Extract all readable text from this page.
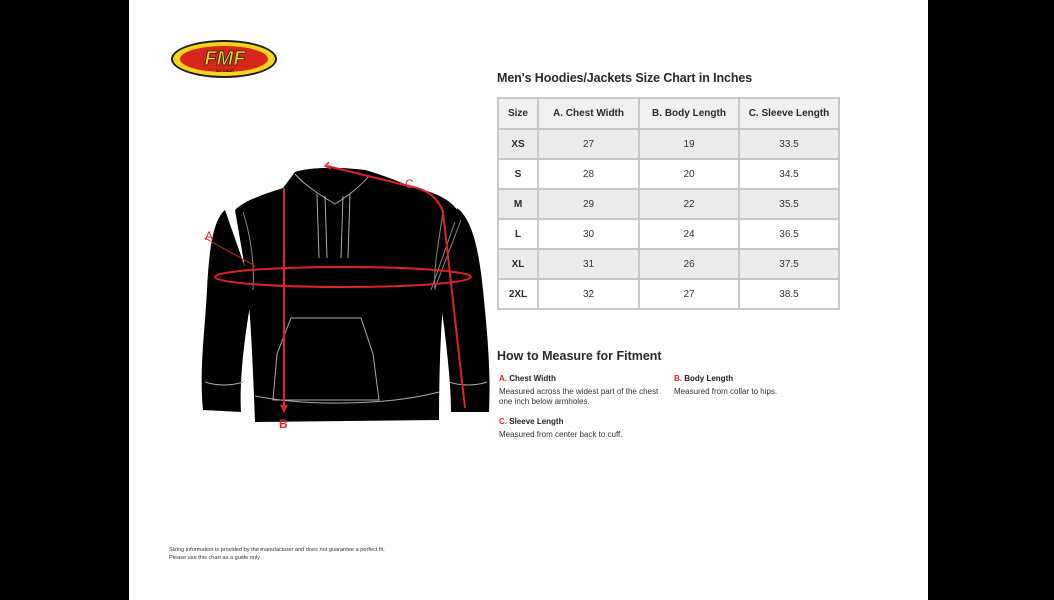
FMF
SO. CALIF.
A
B
C
Men's Hoodies/Jackets Size Chart in Inches
Size	A. Chest Width	B. Body Length	C. Sleeve Length
XS	27	19	33.5
S	28	20	34.5
M	29	22	35.5
L	30	24	36.5
XL	31	26	37.5
2XL	32	27	38.5
How to Measure for Fitment
A. Chest Width
Measured across the widest part of the chest one inch below armholes.
B. Body Length
Measured from collar to hips.
C. Sleeve Length
Measured from center back to cuff.
Sizing information is provided by the manufacturer and does not guarantee a perfect fit.
Please use this chart as a guide only
